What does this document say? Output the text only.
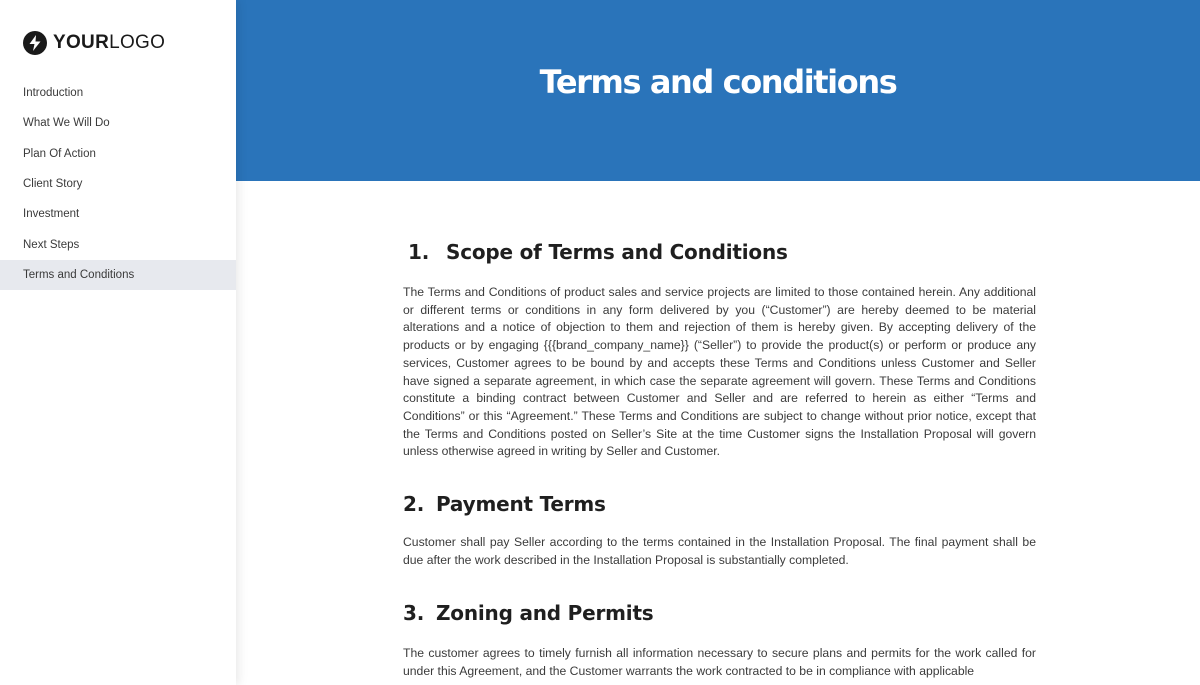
YOURLOGO
Introduction
What We Will Do
Plan Of Action
Client Story
Investment
Next Steps
Terms and Conditions
Terms and conditions
1. Scope of Terms and Conditions

The Terms and Conditions of product sales and service projects are limited to those contained herein. Any additional or different terms or conditions in any form delivered by you (“Customer”) are hereby deemed to be material alterations and a notice of objection to them and rejection of them is hereby given. By accepting delivery of the products or by engaging {{{brand_company_name}} (“Seller”) to provide the product(s) or perform or produce any services, Customer agrees to be bound by and accepts these Terms and Conditions unless Customer and Seller have signed a separate agreement, in which case the separate agreement will govern. These Terms and Conditions constitute a binding contract between Customer and Seller and are referred to herein as either “Terms and Conditions” or this “Agreement.” These Terms and Conditions are subject to change without prior notice, except that the Terms and Conditions posted on Seller’s Site at the time Customer signs the Installation Proposal will govern unless otherwise agreed in writing by Seller and Customer.

2. Payment Terms

Customer shall pay Seller according to the terms contained in the Installation Proposal. The final payment shall be due after the work described in the Installation Proposal is substantially completed.

3. Zoning and Permits

The customer agrees to timely furnish all information necessary to secure plans and permits for the work called for under this Agreement, and the Customer warrants the work contracted to be in compliance with applicable
